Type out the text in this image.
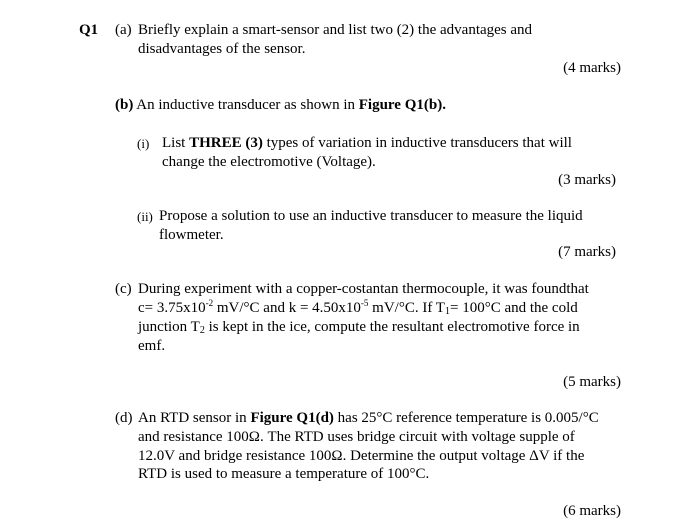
Q1 (a) Briefly explain a smart-sensor and list two (2) the advantages and
disadvantages of the sensor.
(4 marks)
(b) An inductive transducer as shown in Figure Q1(b).
(i) List THREE (3) types of variation in inductive transducers that will
change the electromotive (Voltage).
(3 marks)
(ii) Propose a solution to use an inductive transducer to measure the liquid
flowmeter.
(7 marks)
(c) During experiment with a copper-costantan thermocouple, it was foundthat
$c= 3.75x10^{-2}$ mV/°C and $k = 4.50x10^{-5}$ mV/°C. If $T_1= 100^\circ C$ and the cold
junction $T_2$ is kept in the ice, compute the resultant electromotive force in
emf.
(5 marks)
(d) An RTD sensor in Figure Q1(d) has 25°C reference temperature is 0.005/°C
and resistance 100Ω. The RTD uses bridge circuit with voltage supple of
12.0V and bridge resistance 100Ω. Determine the output voltage ΔV if the
RTD is used to measure a temperature of 100°C.
(6 marks)
